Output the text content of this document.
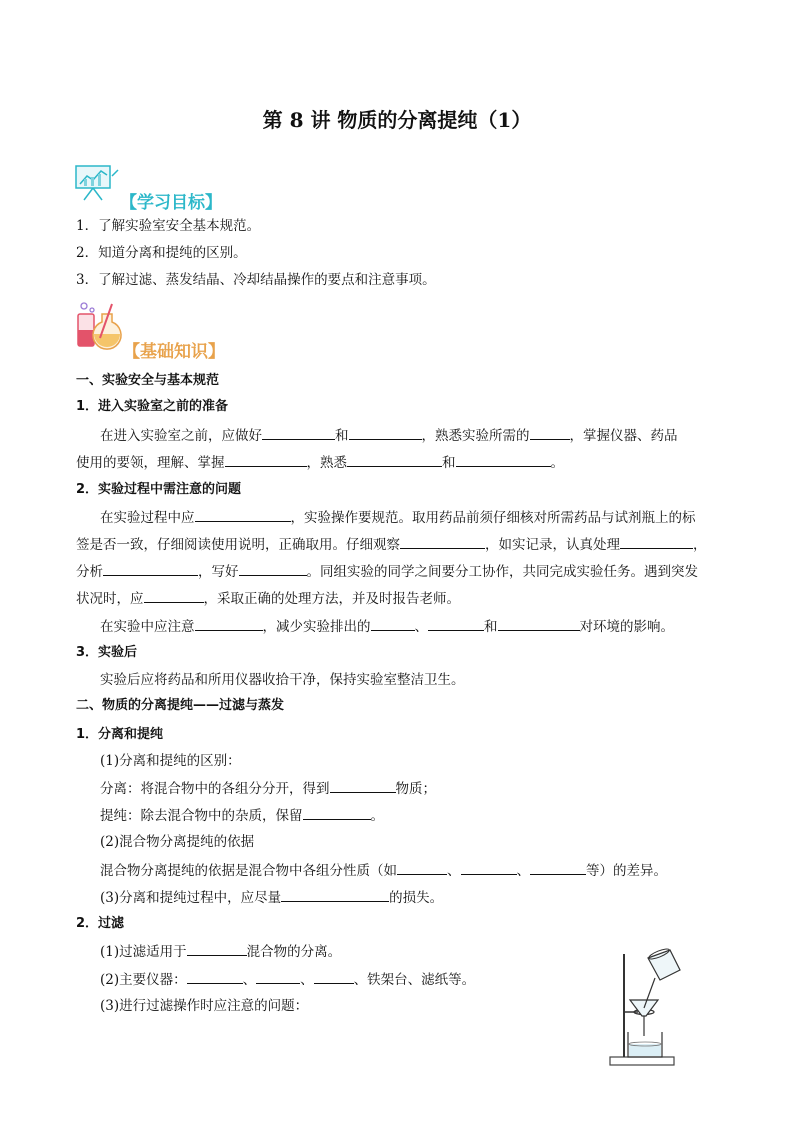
第 8 讲 物质的分离提纯（1）
【学习目标】
1．了解实验室安全基本规范。
2．知道分离和提纯的区别。
3．了解过滤、蒸发结晶、冷却结晶操作的要点和注意事项。
【基础知识】
一、实验安全与基本规范
1．进入实验室之前的准备
在进入实验室之前，应做好	和	，熟悉实验所需的	，掌握仪器、药品
使用的要领，理解、掌握	，熟悉	和	。
2．实验过程中需注意的问题
在实验过程中应	，实验操作要规范。取用药品前须仔细核对所需药品与试剂瓶上的标
签是否一致，仔细阅读使用说明，正确取用。仔细观察	，如实记录，认真处理	，
分析	，写好	。同组实验的同学之间要分工协作，共同完成实验任务。遇到突发
状况时，应	，采取正确的处理方法，并及时报告老师。
在实验中应注意	，减少实验排出的	、	和	对环境的影响。
3．实验后
实验后应将药品和所用仪器收拾干净，保持实验室整洁卫生。
二、物质的分离提纯——过滤与蒸发
1．分离和提纯
(1)分离和提纯的区别：
分离：将混合物中的各组分分开，得到	物质；
提纯：除去混合物中的杂质，保留	。
(2)混合物分离提纯的依据
混合物分离提纯的依据是混合物中各组分性质（如	、	、	等）的差异。
(3)分离和提纯过程中，应尽量	的损失。
2．过滤
(1)过滤适用于	混合物的分离。
(2)主要仪器：	、	、	、铁架台、滤纸等。
(3)进行过滤操作时应注意的问题：
